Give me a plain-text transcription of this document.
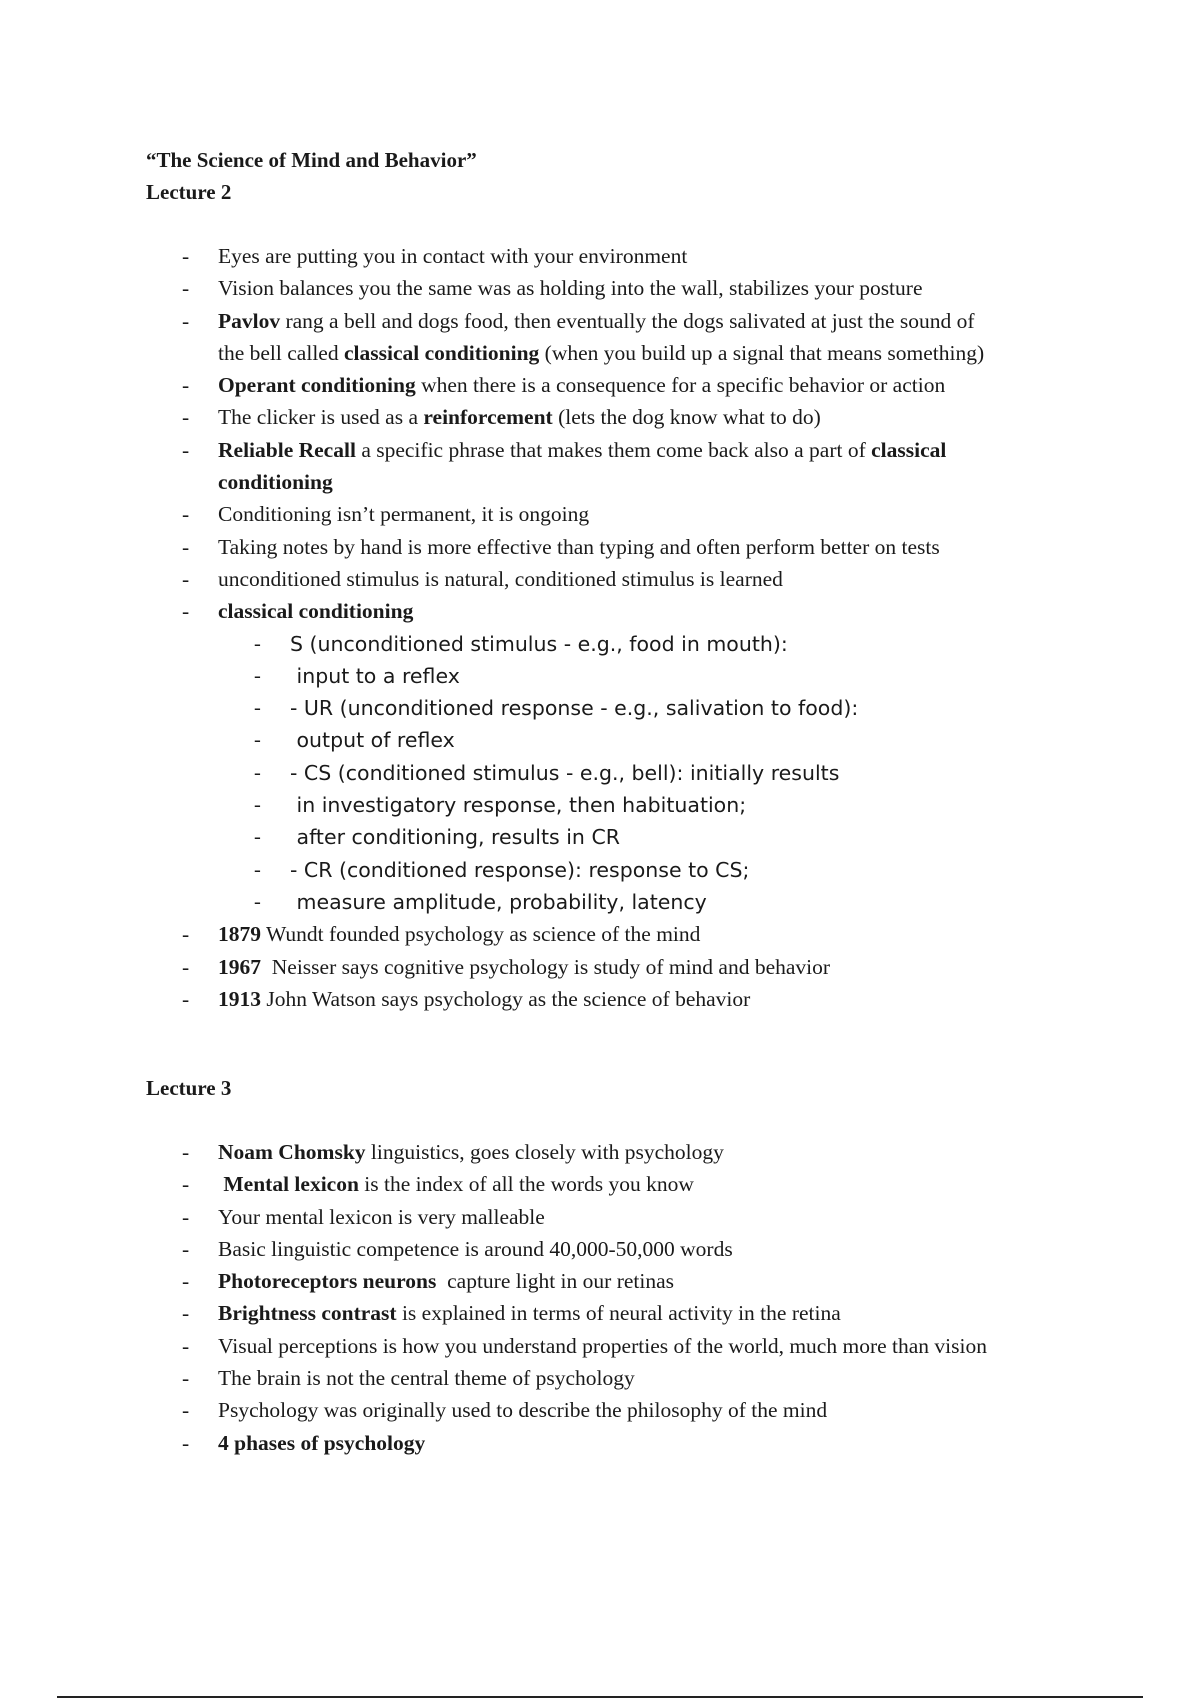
“The Science of Mind and Behavior”
Lecture 2
- Eyes are putting you in contact with your environment
- Vision balances you the same was as holding into the wall, stabilizes your posture
- Pavlov rang a bell and dogs food, then eventually the dogs salivated at just the sound of
the bell called classical conditioning (when you build up a signal that means something)
- Operant conditioning when there is a consequence for a specific behavior or action
- The clicker is used as a reinforcement (lets the dog know what to do)
- Reliable Recall a specific phrase that makes them come back also a part of classical
conditioning
- Conditioning isn’t permanent, it is ongoing
- Taking notes by hand is more effective than typing and often perform better on tests
- unconditioned stimulus is natural, conditioned stimulus is learned
- classical conditioning
- S (unconditioned stimulus - e.g., food in mouth):
- input to a reflex
- - UR (unconditioned response - e.g., salivation to food):
- output of reflex
- - CS (conditioned stimulus - e.g., bell): initially results
- in investigatory response, then habituation;
- after conditioning, results in CR
- - CR (conditioned response): response to CS;
- measure amplitude, probability, latency
- 1879 Wundt founded psychology as science of the mind
- 1967  Neisser says cognitive psychology is study of mind and behavior
- 1913 John Watson says psychology as the science of behavior
Lecture 3
- Noam Chomsky linguistics, goes closely with psychology
- Mental lexicon is the index of all the words you know
- Your mental lexicon is very malleable
- Basic linguistic competence is around 40,000-50,000 words
- Photoreceptors neurons  capture light in our retinas
- Brightness contrast is explained in terms of neural activity in the retina
- Visual perceptions is how you understand properties of the world, much more than vision
- The brain is not the central theme of psychology
- Psychology was originally used to describe the philosophy of the mind
- 4 phases of psychology
